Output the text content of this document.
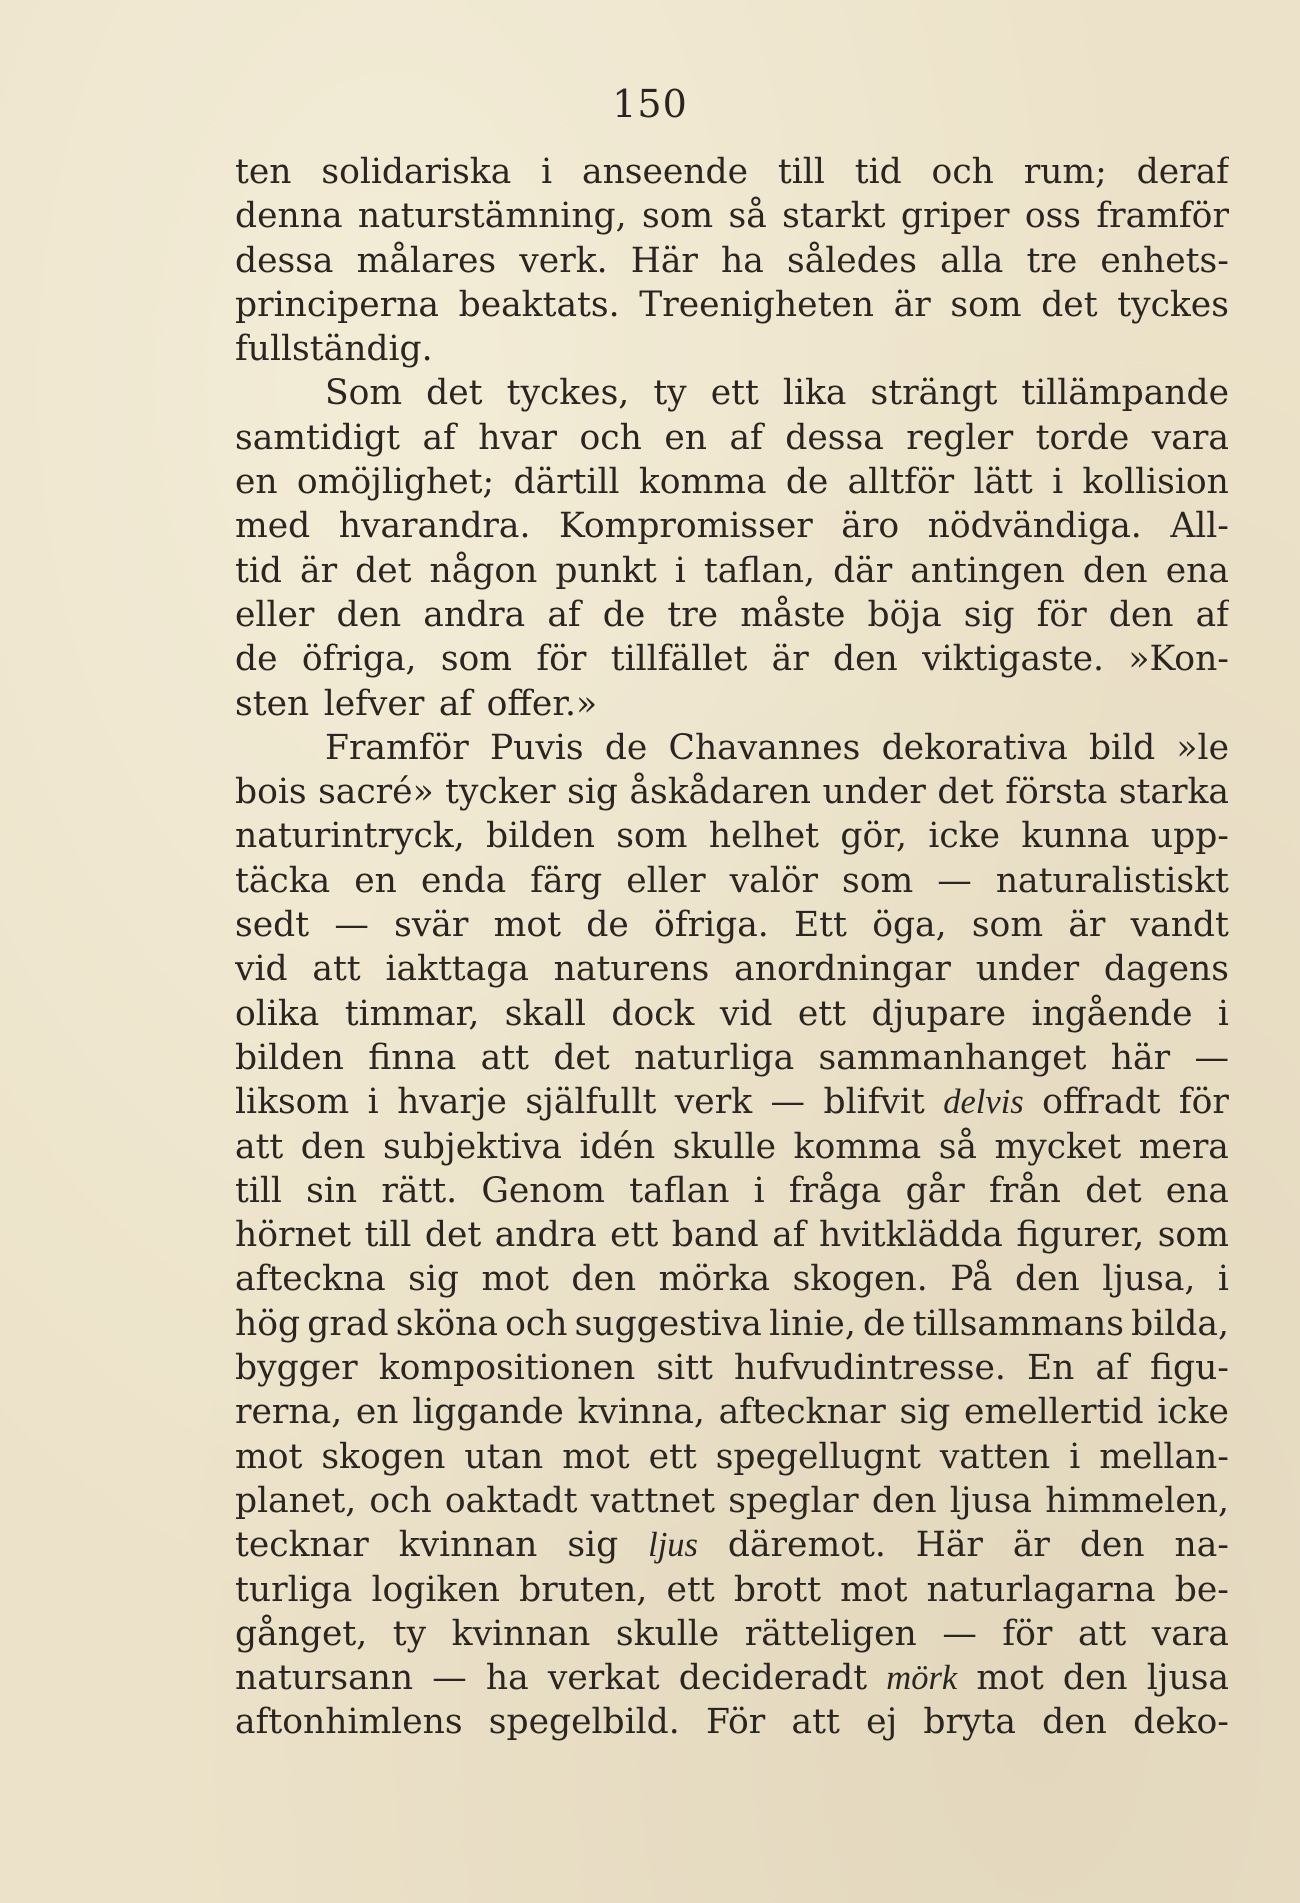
150
ten solidariska i anseende till tid och rum; deraf
denna naturstämning, som så starkt griper oss framför
dessa målares verk. Här ha således alla tre enhets-
principerna beaktats. Treenigheten är som det tyckes
fullständig.
Som det tyckes, ty ett lika strängt tillämpande
samtidigt af hvar och en af dessa regler torde vara
en omöjlighet; därtill komma de alltför lätt i kollision
med hvarandra. Kompromisser äro nödvändiga. All-
tid är det någon punkt i taflan, där antingen den ena
eller den andra af de tre måste böja sig för den af
de öfriga, som för tillfället är den viktigaste. »Kon-
sten lefver af offer.»
Framför Puvis de Chavannes dekorativa bild »le
bois sacré» tycker sig åskådaren under det första starka
naturintryck, bilden som helhet gör, icke kunna upp-
täcka en enda färg eller valör som — naturalistiskt
sedt — svär mot de öfriga. Ett öga, som är vandt
vid att iakttaga naturens anordningar under dagens
olika timmar, skall dock vid ett djupare ingående i
bilden finna att det naturliga sammanhanget här —
liksom i hvarje själfullt verk — blifvit delvis offradt för
att den subjektiva idén skulle komma så mycket mera
till sin rätt. Genom taflan i fråga går från det ena
hörnet till det andra ett band af hvitklädda figurer, som
afteckna sig mot den mörka skogen. På den ljusa, i
hög grad sköna och suggestiva linie, de tillsammans bilda,
bygger kompositionen sitt hufvudintresse. En af figu-
rerna, en liggande kvinna, aftecknar sig emellertid icke
mot skogen utan mot ett spegellugnt vatten i mellan-
planet, och oaktadt vattnet speglar den ljusa himmelen,
tecknar kvinnan sig ljus däremot. Här är den na-
turliga logiken bruten, ett brott mot naturlagarna be-
gånget, ty kvinnan skulle rätteligen — för att vara
natursann — ha verkat decideradt mörk mot den ljusa
aftonhimlens spegelbild. För att ej bryta den deko-
